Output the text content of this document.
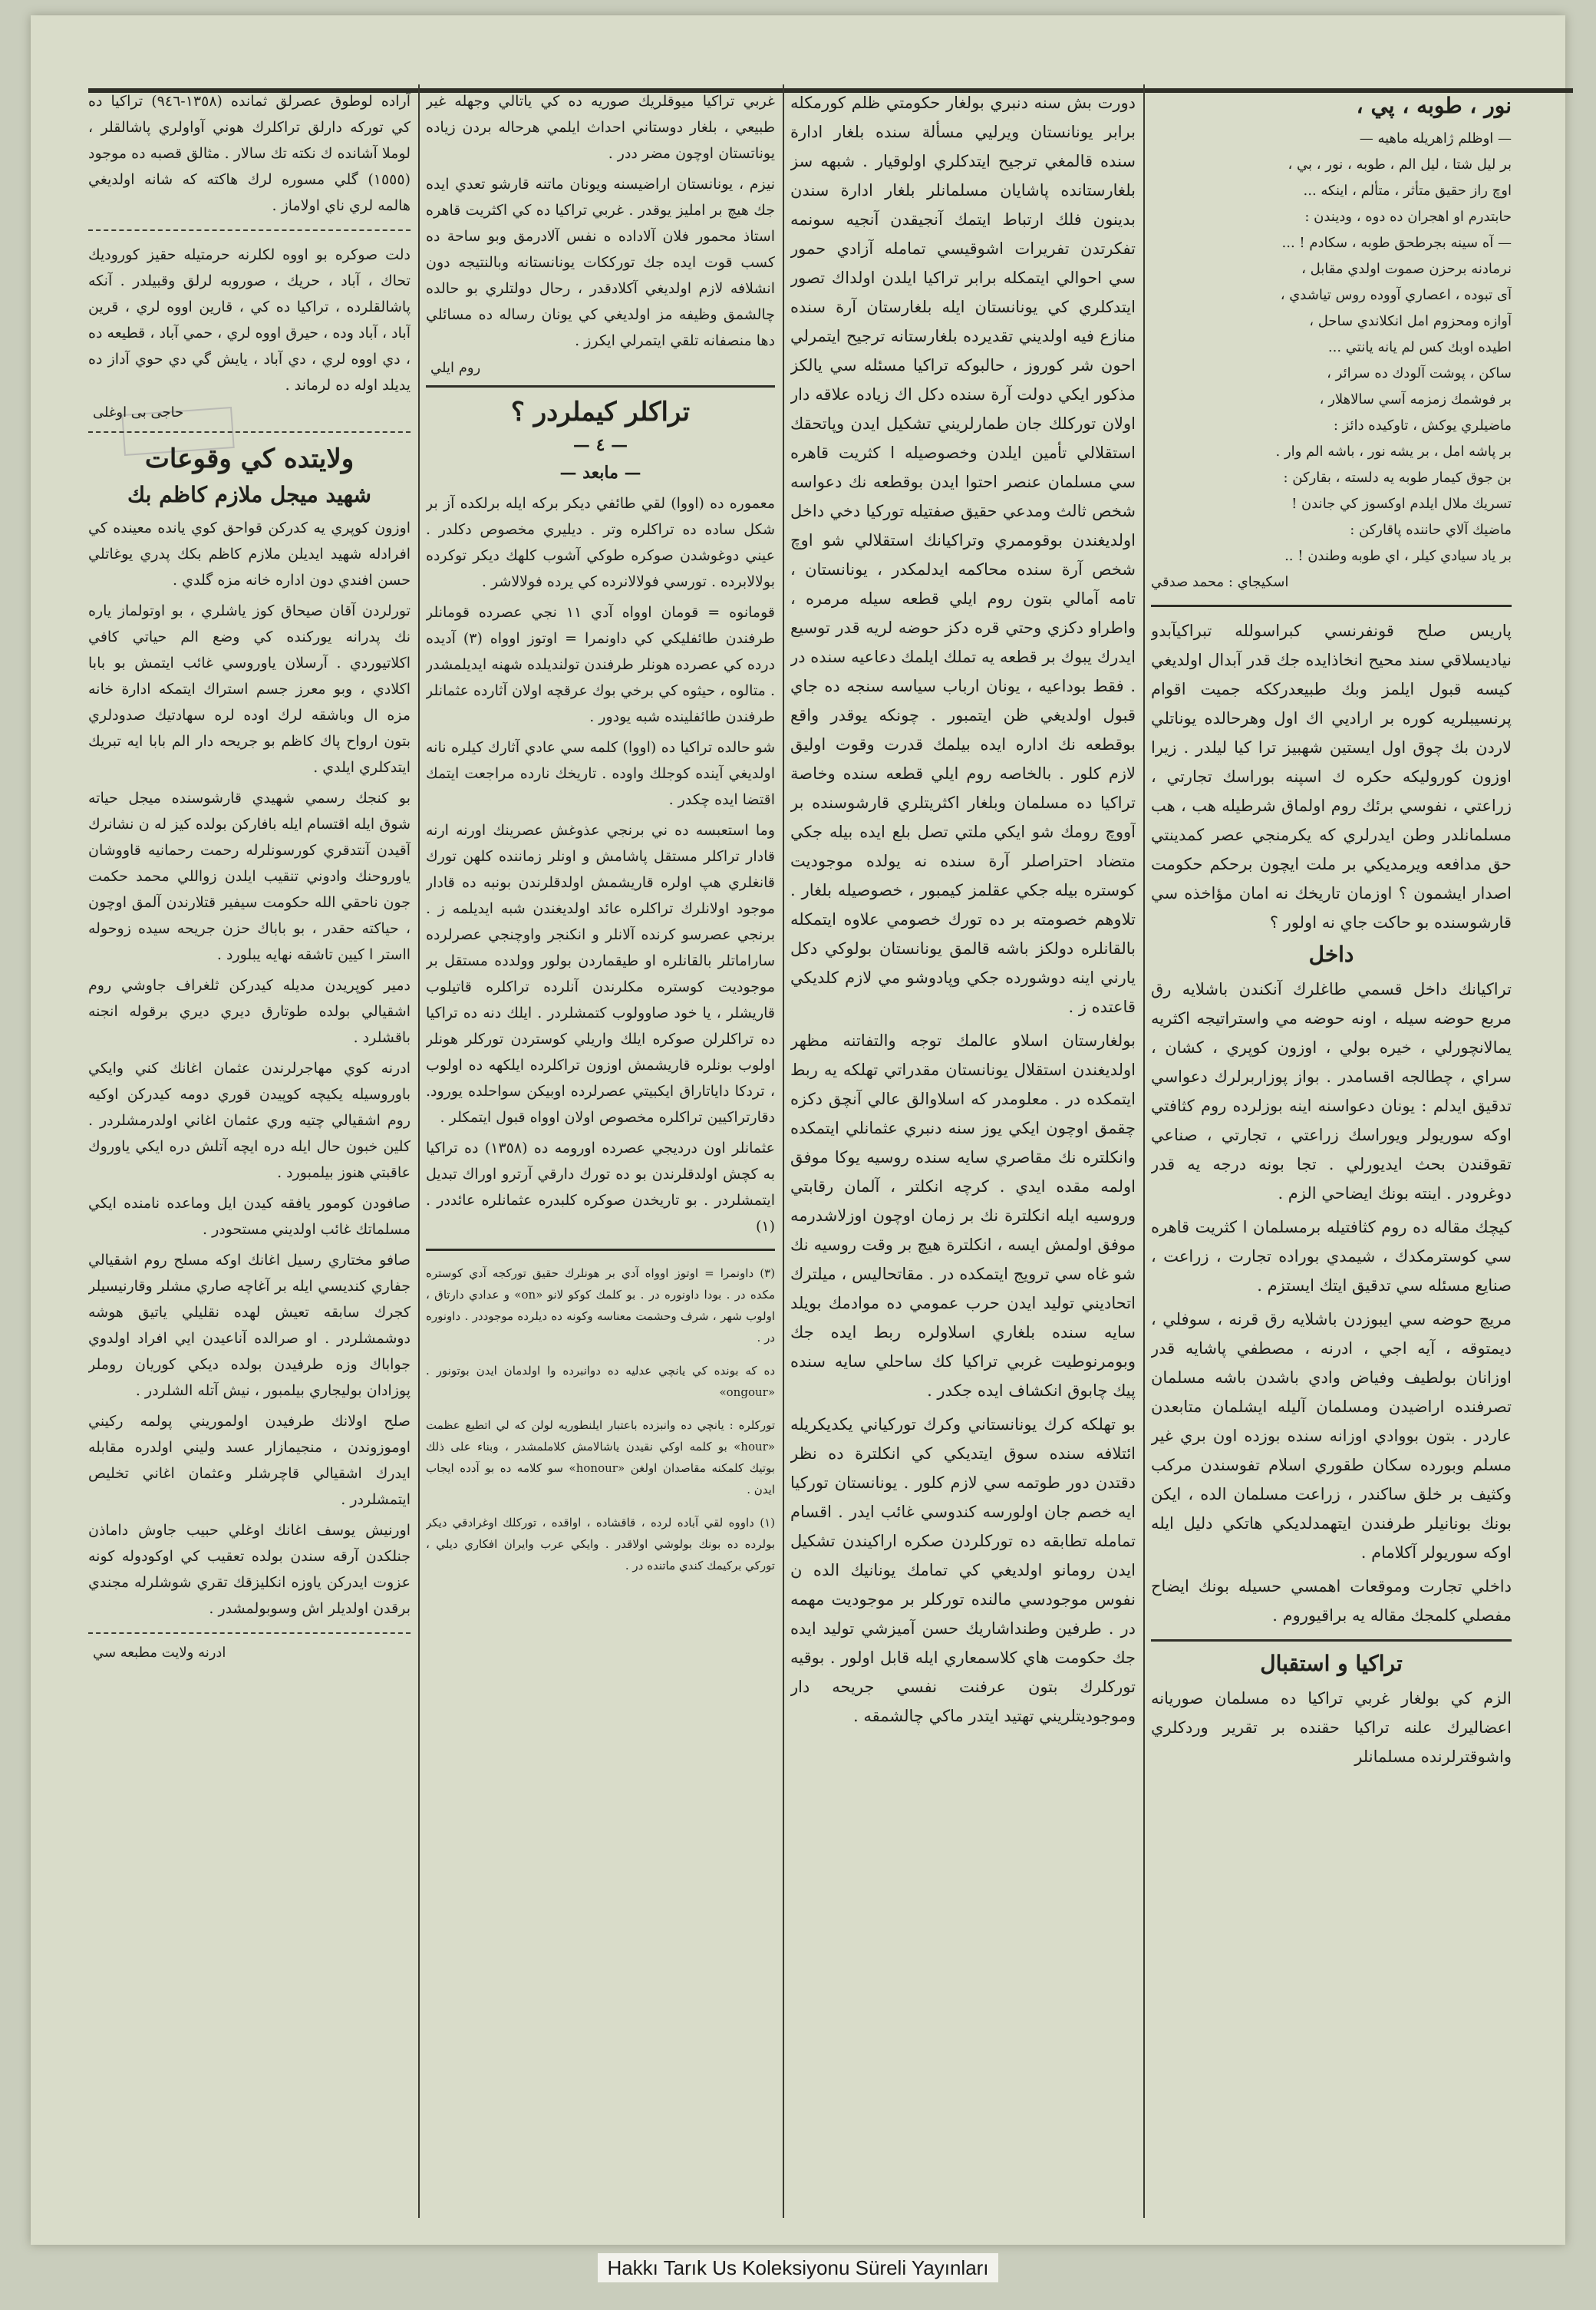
آراده لوطوق عصرلق ثمانده (١٣٥٨-٩٤٦) تراكيا ده كي توركه دارلق تراكلرك هوني آواولري پاشالقلر ، لوملا آشانده ك نكته تك سالار . مثالق قصبه ده موجود (١٥٥٥) گلي مسوره لرك هاكته كه شانه اولديغي هالمه لري ناي اولاماز .

دلت صوكره بو اووه لكلرنه حرمتيله حقيز كوروديك تحاك ، آباد ، حريك ، صوروبه لرلق وقبيلدر . آنكه پاشالقلرده ، تراكيا ده كي ، قارين اووه لري ، قرين آباد ، آباد وده ، حيرق اووه لري ، حمي آباد ، قطيعه ده ، دي اووه لري ، دي آباد ، يايش گي دي حوي آداز ده يديلد اوله ده لرماند .

حاجى بى اوغلى
ولايتده كي وقوعات
شهيد ميجل ملازم كاظم بك

اوزون كوپري يه كدركن قواحق كوي يانده معينده كي افرادله شهيد ايديلن ملازم كاظم بكك پدري يوغاتلي حسن افندي دون اداره خانه مزه گلدي .

تورلردن آقان صيحاق كوز ياشلري ، بو اوتولماز ياره نك پدرانه يوركنده كي وضع الم حياتي كافي اكلاتيوردي . آرسلان ياوروسي غائب ايتمش بو بابا اكلادي ، وبو معرز جسم استراك ايتمكه ادارة خانه مزه ال وباشقه لرك اوده لره سهادتيك صدودلري بتون ارواح پاك كاظم بو جريحه دار الم بابا ايه تبريك ايتدكلري ايلدي .

بو كنجك رسمي شهيدي قارشوسنده ميجل حياته شوق ايله اقتسام ايله بافاركن بولده كيز له ن نشانرك آقيدن آنتدقري كورسونلرله رحمت رحمانيه قاووشان ياوروحنك وادوني تنقيب ايلدن زواللي محمد حكمت جون ناحقي الله حكومت سيفير قتلارندن آلمق اوچون ، حياكته حقدر ، بو باباك حزن جريحه سيده زوحوله ااستر ا كيين تاشقه نهايه يبلورد .

دمير كوپريدن مديله كيدركن ثلغراف جاوشي روم اشقيالي بولده طوتارق ديري ديري برقوله انجنه باقشلرد .

ادرنه كوي مهاجرلرندن عثمان اغانك كني وايكي باوروسيله يكيچه كوپيدن قوري دومه كيدركن اوكيه روم اشقيالي چتيه وري عثمان اغاني اولدرمشلردر . كلين خبون حال ايله دره ايچه آتلش دره ايكي ياوروك عاقبتي هنوز بيلمبورد .

صافودن كومور يافقه كيدن ايل وماعده نامنده ايكي مسلماتك غائب اولديني مستحودر .

صافو مختاري رسيل اغانك اوكه مسلح روم اشقيالي جفاري كنديسي ايله بر آغاچه صاري مشلر وقارنيسيلر كجرك سابقه تعيش لهده نقليلي ياتيق هوشه دوشمشلردر . او صرالده آناعيدن ايي افراد اولدوي جواباك وزه طرفيدن بولده ديكي كوريان روملر پوزادان بوليجاري بيلمبور ، نيش آتله الشلردر .

صلح اولانك طرفيدن اولموريني پولمه ركيني اوموزوندن ، منجيمازار عسد وليني اولدره مقابله ايدرك اشقيالي قاچرشلر وعثمان اغاني تخليص ايتمشلردر .

اورنيش يوسف اغانك اوغلي حبيب جاوش داماذن جنلكدن آرقه سندن بولده تعقيب كي اوكودوله كونه عزوت ايدركن ياوزه انكليزقك تقري شوشلرله مجندي برقدن اولديلر اش وسوبولمشدر .

ادرنه ولايت مطبعه سي

غربي تراكيا ميوقلريك صوريه ده كي ياتالي وجهله غير طبيعي ، بلغار دوستاني احداث ايلمي هرحاله بردن زياده يوناتستان اوچون مضر ددر .

نيزم ، يونانستان اراضيسنه ويونان ماتنه قارشو تعدي ايده جك هيچ بر امليز يوقدر . غربي تراكيا ده كي اكثريت قاهره استاذ محمور فلان آلاداده ه نفس آلادرمق وبو ساحة ده كسب قوت ايده جك تورككات يونانستانه وبالنتيجه دون انشلافه لازم اولديغي آكلادقدر ، رحال دولتلري بو حالده چالشمق وظيفه مز اولديغي كي يونان رساله ده مسائلي دها منصفانه تلقي ايتمرلي ايكرز .

روم ايلي
تراكلر كيملردر ؟
— ٤ —
— مابعد —

معموره ده (اووا) لقي طائفي ديكر بركه ايله برلكده آز بر شكل ساده ده تراكلره وتر . ديليري مخصوص دكلدر . عيني دوغوشدن صوكره طوكي آشوب كلهك ديكر توكرده بولالابرده . تورسي فولالانرده كي يرده فولالاشر .

قومانوه = قومان اوواه آدي ١١ نجي عصرده قومانلر طرفندن طائفليكي كي داونمرا = اوتوز اوواه (٣) آديده درده كي عصرده هونلر طرفندن تولنديلده شهنه ايديلمشدر . متالوه ، حيثوه كي برخي بوك عرقچه اولان آثارده عثمانلر طرفندن طائفلينده شبه يودور .

شو حالده تراكيا ده (اووا) كلمه سي عادي آثارك كيلره نانه اولديغي آينده كوجلك واوده . تاريخك نارده مراجعت ايتمك اقتضا ايده چكدر .

وما استعبسه ده ني برنجي عذوغش عصرينك اورنه ارنه قادار تراكلر مستقل پاشامش و اونلر زماننده كلهن تورك قانغلري هپ اولره قاريشمش اولدقلرندن بونبه ده قادار موجود اولانلرك تراكلره عائد اولديغندن شبه ايديلمه ز . برنجي عصرسو كرنده آلانلر و انكنجر واوچنجي عصرلرده ساراماتلر بالقانلره او طيقماردن بولور وولدده مستقل بر موجوديت كوستره مكلرندن آنلرده تراكلره قاتيلوب قاريشلر ، يا خود صاوولوب كتمشلردر . ايلك دنه ده تراكيا ده تراكلرلن صوكره ايلك واريلي كوستردن توركلر هونلر اولوب بونلره قاريشمش اوزون تراكلرده ايلكهه ده اولوب ، تردكا داياتاراق ايكبيتي عصرلرده اوبيكن سواحلده يورود. دقارتراكيين تراكلره مخصوص اولان اوواه قبول ايتمكلر .

عثمانلر اون درديجي عصرده اورومه ده (١٣٥٨) ده تراكيا به كچش اولدقلرندن بو ده تورك دارقي آرترو اوراك تبديل ايتمشلردر . بو تاريخدن صوكره كلبدره عثمانلره عائددر . (١)

(٣) داونمرا = اوتوز اوواه آدي بر هونلرك حقيق توركجه آدي كوستره مكده در . بودا داونوره در . بو كلمك كوكو لانو «on» و عدادي دارتاق ، اولوب شهر ، شرف وحشمت معناسه وكونه ده ديلرده موجوددر . داونوره در .

ده كه بونده كي يانچي عدليه ده دوانبرده وا اولدمان ايدن بوتونور . «ongour»

توركلره : يانچي ده وانبزده باعتبار ايلنطوريه لولن كه لي اتطيع عظمت «hour» بو كلمه اوكي نقيدن ياشالامش كلاملمشدر ، وبناء على ذلك بوتيك كلمكنه مقاصدان اولغن «honour» سو كلامه ده بو آدده ايجاب ايدن .

(١) داووه لقي آباده لرده ، قاقشاده ، اواقده ، توركلك اوغرادقي ديكر بولرده ده بونك بولوشي اولاقدر . وايكي عرب وايران افكاري ديلي ، توركي بركيمك كندي ماتنده در .

دورت بش سنه دنبري بولغار حكومتي ظلم كورمكله برابر يونانستان ويرليي مسألة سنده بلغار ادارة سنده قالمغي ترجيح ايتدكلري اولوقيار . شبهه سز بلغارستانده پاشايان مسلمانلر بلغار ادارة سندن بدينون فلك ارتباط ايتمك آنجيقدن آنجيه سونمه تفكرتدن تفريرات اشوقيسي تمامله آزادي حمور سي احوالي ايتمكله برابر تراكيا ايلدن اولداك تصور ايتدكلري كي يونانستان ايله بلغارستان آرة سنده منازع فيه اولديني تقديرده بلغارستانه ترجيح ايتمرلي احون شر كوروز ، حالبوكه تراكيا مسئله سي يالكز مذكور ايكي دولت آرة سنده دكل اك زياده علاقه دار اولان توركلك جان طمارلريني تشكيل ايدن وپاتحقك استقلالي تأمين ايلدن وخصوصيله ا كثريت قاهره سي مسلمان عنصر احتوا ايدن بوقطعه نك دعواسه شخص ثالث ومدعي حقيق صفتيله توركيا دخي داخل اولديغندن بوقوممري وتراكيانك استقلالي شو اوچ شخص آرة سنده محاكمه ايدلمكدر ، يونانستان ، تامه آمالي بتون روم ايلي قطعه سيله مرمره ، واطراو دكزي وحتي قره دكز حوضه لريه قدر توسيع ايدرك يبوك بر قطعه يه تملك ايلمك دعاعيه سنده در . فقط بوداعيه ، يونان ارباب سياسه سنجه ده جاي قبول اولديغي ظن ايتمبور . چونكه يوقدر واقع بوقطعه نك اداره ايده بيلمك قدرت وقوت اوليق لازم كلور . بالخاصه روم ايلي قطعه سنده وخاصة تراكيا ده مسلمان وبلغار اكثريتلري قارشوسنده بر آووچ رومك شو ايكي ملتي تصل بلع ايده بيله جكي متضاد احتراصلر آرة سنده نه يولده موجوديت كوستره بيله جكي عقلمز كيمبور ، خصوصيله بلغار . تلاوهم خصومته بر ده تورك خصومي علاوه ايتمكله بالقانلره دولكز باشه قالمق يونانستان بولوكي دكل يارني اينه دوشورده جكي وپادوشو مي لازم كلديكي قاعتده ز .

بولغارستان اسلاو عالمك توجه والتفاتنه مظهر اولديغندن استقلال يونانستان مقدراتي تهلكه يه ربط ايتمكده در . معلومدر كه اسلاوالق عالي آنچق دكزه چقمق اوچون ايكي يوز سنه دنبري عثمانلي ايتمكده وانكلتره نك مقاصري سايه سنده روسيه يوكا موفق اولمه مقده ايدي . كرچه انكلتر ، آلمان رقابتي وروسيه ايله انكلترة نك بر زمان اوچون اوزلاشدرمه موفق اولمش ايسه ، انكلترة هيچ بر وقت روسيه نك شو غاه سي ترويج ايتمكده در . مقاتحاليس ، ميلترك اتحاديني توليد ايدن حرب عمومي ده موادمك بويلد سايه سنده بلغاري اسلاولره ربط ايده جك وبومرنوطيت غربي تراكيا كك ساحلي سايه سنده پيك چابوق انكشاف ايده جكدر .

بو تهلكه كرك يونانستاني وكرك توركياني يكديكريله ائتلافه سنده سوق ايتديكي كي انكلترة ده نظر دقتدن دور طوتمه سي لازم كلور . يونانستان توركيا ايه خصم جان اولورسه كندوسي غائب ايدر . اقسام تمامله تطابقه ده توركلردن صكره اراكيندن تشكيل ايدن رومانو اولديغي كي تمامك يونانيك الده ن نفوس موجودسي مالنده توركلر بر موجوديت مهمه در . طرفين وطنداشاريك حسن آميزشي توليد ايده جك حكومت هاي كلاسمعاري ايله قابل اولور . بوقيه توركلرك بتون عرفنت نفسي جريحه دار وموجوديتلريني تهتيد ايتدر ماكي چالشمقه .

نور ، طوبه ، پي ،
— اوظلم ژاهريله ماهيه —
بر ليل شتا ، ليل الم ، طوبه ، نور ، بي ،
اوچ راز حقيق متأثر ، متألم ، اينكه ...
حابتدرم او اهجران ده دوه ، وديندن :
— آه سينه بجرطحق طوبه ، سكادم ! ...
نرمادنه برحزن صموت اولدي مقابل ،
آى تبوده ، اعصاري آووده روس تياشدي ،
آوازه ومحزوم امل انكلاندي ساحل ،
اطيده اوبك كس لم يانه يانتي ...
ساكن ، پوشت آلودك ده سرائر ،
بر فوشمك زمزمه آسي سالاهلار ،
ماضيلري يوكش ، تاوكيده دائز :
بر پاشه امل ، بر يشه نور ، باشه الم وار .
بن جوق كيمار طوبه يه دلسته ، بقاركن :
تسريك ملال ايلدم اوكسوز كي جاندن !
ماضيك آلاي حاننده پاقاركن :
بر ياد سيادي كيلر ، اي طوبه وطندن ! ..
اسكيجاي : محمد صدقي

پاريس صلح قونفرنسي كبراسولله تبراكيآبدو نياديسلاقي سند محيح انخاذايده جك قدر آبدال اولديغي كيسه قبول ايلمز وبك طبيعدرككه جميت اقوام پرنسيبلريه كوره بر اراديي اك اول وهرحالده يوناتلي لاردن بك چوق اول ايستين شهبيز ترا كيا ليلدر . زيرا اوزون كوروليكه حكره ك اسپنه بوراسك تجارتي ، زراعتي ، نفوسي برئك روم اولماق شرطيله هب ، هب مسلمانلدر وطن ايدرلري كه يكرمنجي عصر كمدينتي حق مدافعه ويرمديكي بر ملت ايچون برحكم حكومت اصدار ايشمون ؟ اوزمان تاريخك نه امان مؤاخذه سي قارشوسنده بو حاكت جاي نه اولور ؟

داخل

تراكيانك داخل قسمي طاغلرك آنكندن باشلايه رق مربع حوضه سيله ، اونه حوضه مي واستراتيجه اكثريه يمالانچورلي ، خيره بولي ، اوزون كوپري ، كشان ، سراي ، چطالجه اقسامدر . بواز پوزاربرلرك دعواسي تدقيق ايدلم : يونان دعواسنه اينه بوزلرده روم كثافتي اوكه سوريولر ويوراسك زراعتي ، تجارتي ، صناعي تقوقندن بحث ايديورلي . تجا بونه درجه يه قدر دوغرودر . اينته بونك ايضاحي الزم .

كيچك مقاله ده روم كثافتيله برمسلمان ا كثريت قاهره سي كوسترمكدك ، شيمدي بوراده تجارت ، زراعت ، صنايع مسئله سي تدقيق ايتك ايستزم .

مريچ حوضه سي ايبوزدن باشلايه رق قرنه ، سوفلي ، ديمتوقه ، آيه اجي ، ادرنه ، مصطفي پاشايه قدر اوزانان بولطيف وفياض وادي باشدن باشه مسلمان تصرفنده اراضيدن ومسلمان آليله ايشلمان متابعدن عاردر . بتون بووادي اوزانه سنده بوزده اون بري غير مسلم وبورده سكان طقوري اسلام تفوسندن مركب وكثيف بر خلق ساكندر ، زراعت مسلمان الده ، ايكن بونك بونانيلر طرفندن ايتهمدلديكي هاتكي دليل ايله اوكه سوريولر آكلامام .

داخلي تجارت وموقعات اهمسي حسيله بونك ايضاح مفصلي كلمجك مقاله يه براقيوروم .

تراكيا و استقبال

الزم كي بولغار غربي تراكيا ده مسلمان صوريانه اعضاليرك علنه تراكيا حقنده بر تقرير وردكلري واشوقترلرنده مسلمانلر

Hakkı Tarık Us Koleksiyonu Süreli Yayınları
